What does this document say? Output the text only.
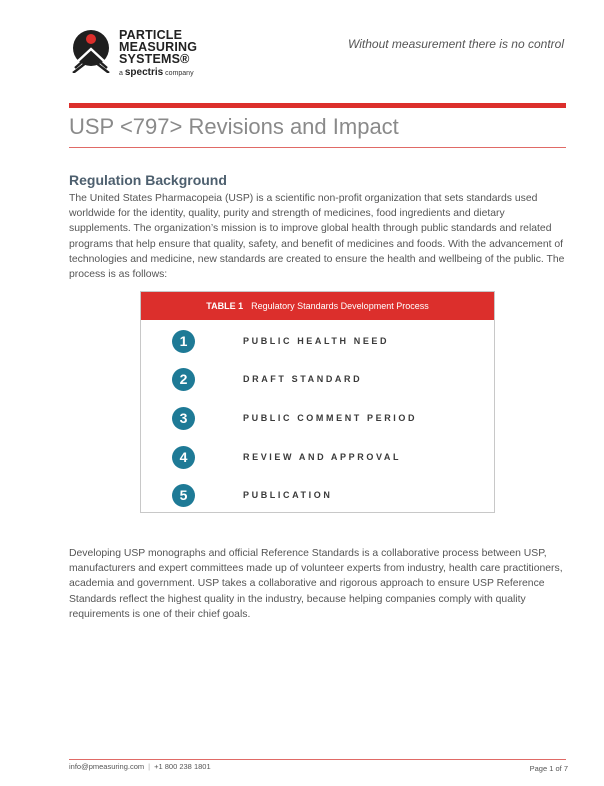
PARTICLE
MEASURING
SYSTEMS®
a spectris company
Without measurement there is no control
USP <797> Revisions and Impact
Regulation Background

The United States Pharmacopeia (USP) is a scientific non-profit organization that sets standards used worldwide for the identity, quality, purity and strength of medicines, food ingredients and dietary supplements. The organization’s mission is to improve global health through public standards and related programs that help ensure that quality, safety, and benefit of medicines and foods. With the advancement of technologies and medicine, new standards are created to ensure the health and wellbeing of the public. The process is as follows:

TABLE 1 Regulatory Standards Development Process
1	PUBLIC HEALTH NEED
2	DRAFT STANDARD
3	PUBLIC COMMENT PERIOD
4	REVIEW AND APPROVAL
5	PUBLICATION

Developing USP monographs and official Reference Standards is a collaborative process between USP, manufacturers and expert committees made up of volunteer experts from industry, health care practitioners, academia and government. USP takes a collaborative and rigorous approach to ensure USP Reference Standards reflect the highest quality in the industry, because helping companies comply with quality requirements is one of their chief goals.

info@pmeasuring.com | +1 800 238 1801	Page 1 of 7
